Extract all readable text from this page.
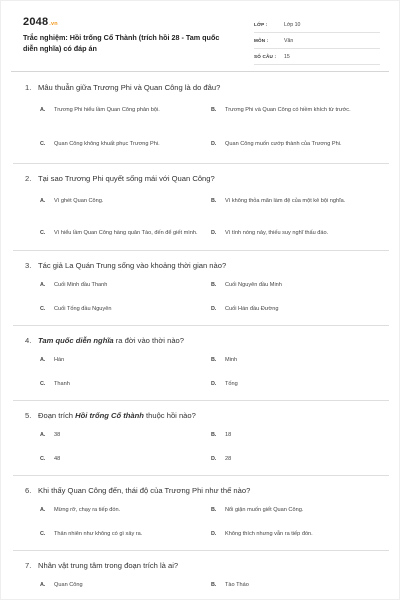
2048.vn
Trắc nghiệm: Hồi trống Cổ Thành (trích hồi 28 - Tam quốc diễn nghĩa) có đáp án
LỚP :	Lớp 10
MÔN :	Văn
SỐ CÂU :	15
1. Mâu thuẫn giữa Trương Phi và Quan Công là do đâu?
A.	Trương Phi hiểu lầm Quan Công phản bội.	B.	Trương Phi và Quan Công có hiềm khích từ trước.
C.	Quan Công không khuất phục Trương Phi.	D.	Quan Công muốn cướp thành của Trương Phi.
2. Tại sao Trương Phi quyết sống mái với Quan Công?
A.	Vì ghét Quan Công.	B.	Vì không thỏa mãn làm đệ của một kẻ bội nghĩa.
C.	Vì hiểu lầm Quan Công hàng quân Tào, đến để giết mình.	D.	Vì tính nóng nảy, thiếu suy nghĩ thấu đáo.
3. Tác giả La Quán Trung sống vào khoảng thời gian nào?
A.	Cuối Minh đầu Thanh	B.	Cuối Nguyên đầu Minh
C.	Cuối Tống đầu Nguyên	D.	Cuối Hán đầu Đường
4. Tam quốc diễn nghĩa ra đời vào thời nào?
A.	Hán	B.	Minh
C.	Thanh	D.	Tống
5. Đoạn trích Hồi trống Cổ thành thuộc hồi nào?
A.	38	B.	18
C.	48	D.	28
6. Khi thấy Quan Công đến, thái độ của Trương Phi như thế nào?
A.	Mừng rỡ, chạy ra tiếp đón.	B.	Nổi giận muốn giết Quan Công.
C.	Thản nhiên như không có gì xảy ra.	D.	Không thích nhưng vẫn ra tiếp đón.
7. Nhân vật trung tâm trong đoạn trích là ai?
A.	Quan Công	B.	Tào Tháo
